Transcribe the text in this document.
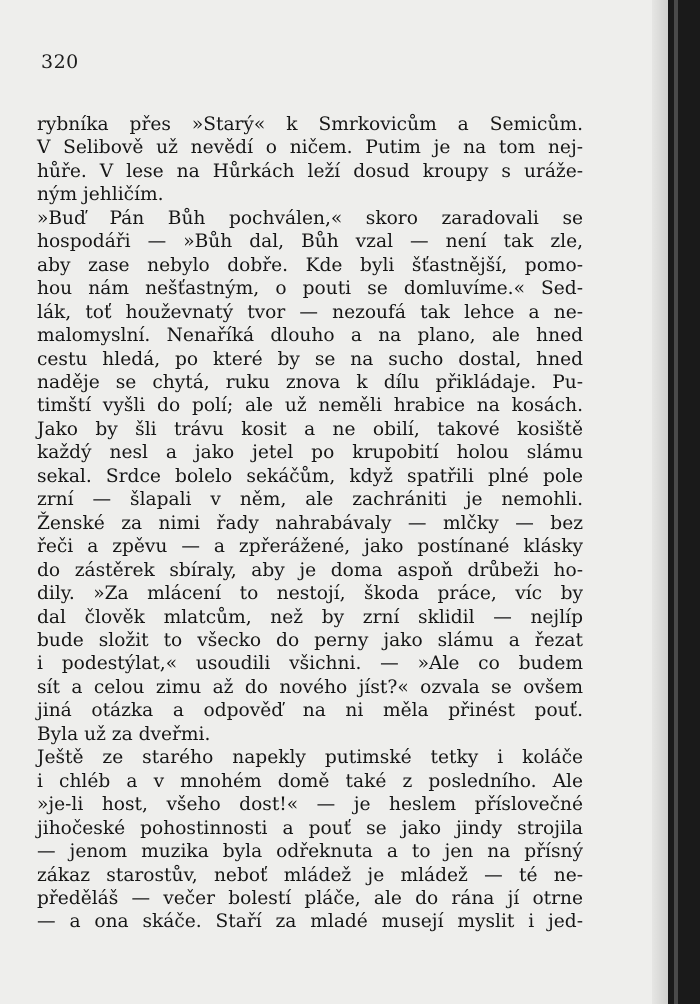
320
rybníka přes »Starý« k Smrkovicům a Semicům.
V Selibově už nevědí o ničem. Putim je na tom nej-
hůře. V lese na Hůrkách leží dosud kroupy s uráže-
ným jehličím.
»Buď Pán Bůh pochválen,« skoro zaradovali se
hospodáři — »Bůh dal, Bůh vzal — není tak zle,
aby zase nebylo dobře. Kde byli šťastnější, pomo-
hou nám nešťastným, o pouti se domluvíme.« Sed-
lák, toť houževnatý tvor — nezoufá tak lehce a ne-
malomyslní. Nenaříká dlouho a na plano, ale hned
cestu hledá, po které by se na sucho dostal, hned
naděje se chytá, ruku znova k dílu přikládaje. Pu-
timští vyšli do polí; ale už neměli hrabice na kosách.
Jako by šli trávu kosit a ne obilí, takové kosiště
každý nesl a jako jetel po krupobití holou slámu
sekal. Srdce bolelo sekáčům, když spatřili plné pole
zrní — šlapali v něm, ale zachrániti je nemohli.
Ženské za nimi řady nahrabávaly — mlčky — bez
řeči a zpěvu — a zpřerážené, jako postínané klásky
do zástěrek sbíraly, aby je doma aspoň drůbeži ho-
dily. »Za mlácení to nestojí, škoda práce, víc by
dal člověk mlatcům, než by zrní sklidil — nejlíp
bude složit to všecko do perny jako slámu a řezat
i podestýlat,« usoudili všichni. — »Ale co budem
sít a celou zimu až do nového jíst?« ozvala se ovšem
jiná otázka a odpověď na ni měla přinést pouť.
Byla už za dveřmi.
Ještě ze starého napekly putimské tetky i koláče
i chléb a v mnohém domě také z posledního. Ale
»je-li host, všeho dost!« — je heslem příslovečné
jihočeské pohostinnosti a pouť se jako jindy strojila
— jenom muzika byla odřeknuta a to jen na přísný
zákaz starostův, neboť mládež je mládež — té ne-
předěláš — večer bolestí pláče, ale do rána jí otrne
— a ona skáče. Staří za mladé musejí myslit i jed-
